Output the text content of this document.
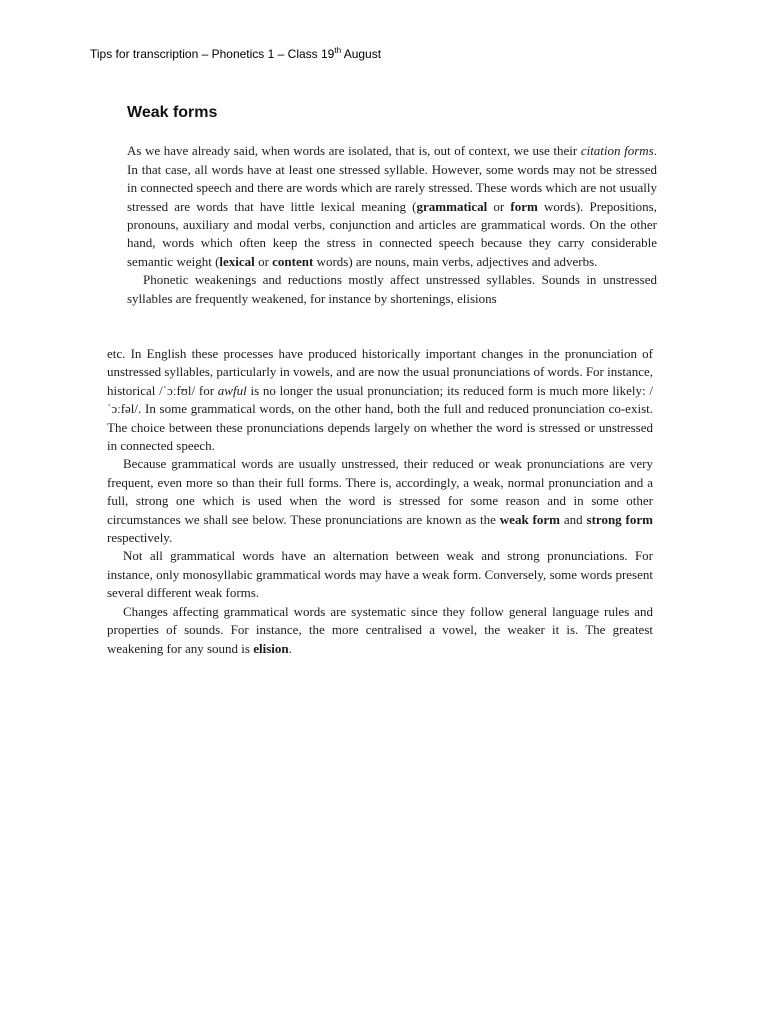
Tips for transcription – Phonetics 1 – Class 19th August
Weak forms

As we have already said, when words are isolated, that is, out of context, we use their citation forms. In that case, all words have at least one stressed syllable. However, some words may not be stressed in connected speech and there are words which are rarely stressed. These words which are not usually stressed are words that have little lexical meaning (grammatical or form words). Prepositions, pronouns, auxiliary and modal verbs, conjunction and articles are grammatical words. On the other hand, words which often keep the stress in connected speech because they carry considerable semantic weight (lexical or content words) are nouns, main verbs, adjectives and adverbs.

Phonetic weakenings and reductions mostly affect unstressed syllables. Sounds in unstressed syllables are frequently weakened, for instance by shortenings, elisions

etc. In English these processes have produced historically important changes in the pronunciation of unstressed syllables, particularly in vowels, and are now the usual pronunciations of words. For instance, historical /ˈɔːfʊl/ for awful is no longer the usual pronunciation; its reduced form is much more likely: /ˈɔːfəl/. In some grammatical words, on the other hand, both the full and reduced pronunciation co-exist. The choice between these pronunciations depends largely on whether the word is stressed or unstressed in connected speech.

Because grammatical words are usually unstressed, their reduced or weak pronunciations are very frequent, even more so than their full forms. There is, accordingly, a weak, normal pronunciation and a full, strong one which is used when the word is stressed for some reason and in some other circumstances we shall see below. These pronunciations are known as the weak form and strong form respectively.

Not all grammatical words have an alternation between weak and strong pronunciations. For instance, only monosyllabic grammatical words may have a weak form. Conversely, some words present several different weak forms.

Changes affecting grammatical words are systematic since they follow general language rules and properties of sounds. For instance, the more centralised a vowel, the weaker it is. The greatest weakening for any sound is elision.
